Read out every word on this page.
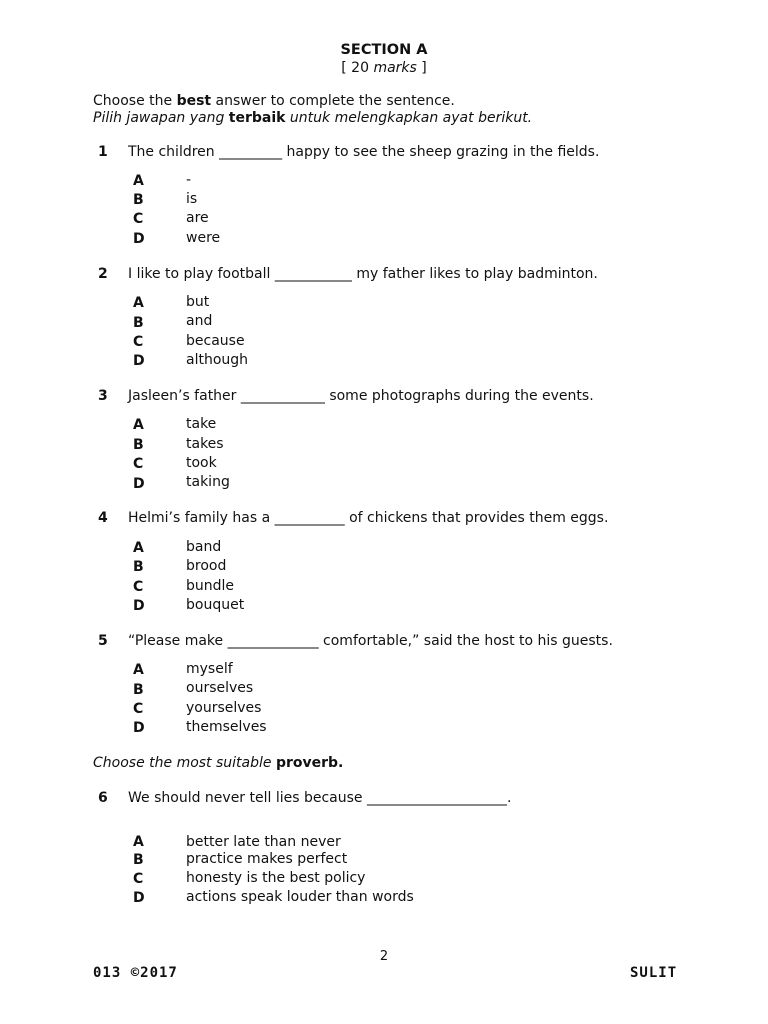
SECTION A
[ 20 marks ]
Choose the best answer to complete the sentence.
Pilih jawapan yang terbaik untuk melengkapkan ayat berikut.
1 The children _________ happy to see the sheep grazing in the fields.
A	-
B	is
C	are
D	were
2 I like to play football ___________ my father likes to play badminton.
A	but
B	and
C	because
D	although
3 Jasleen’s father ____________ some photographs during the events.
A	take
B	takes
C	took
D	taking
4 Helmi’s family has a __________ of chickens that provides them eggs.
A	band
B	brood
C	bundle
D	bouquet
5 “Please make _____________ comfortable,” said the host to his guests.
A	myself
B	ourselves
C	yourselves
D	themselves
Choose the most suitable proverb.
6 We should never tell lies because ____________________.
A	better late than never
B	practice makes perfect
C	honesty is the best policy
D	actions speak louder than words
2
013 ©2017	SULIT
